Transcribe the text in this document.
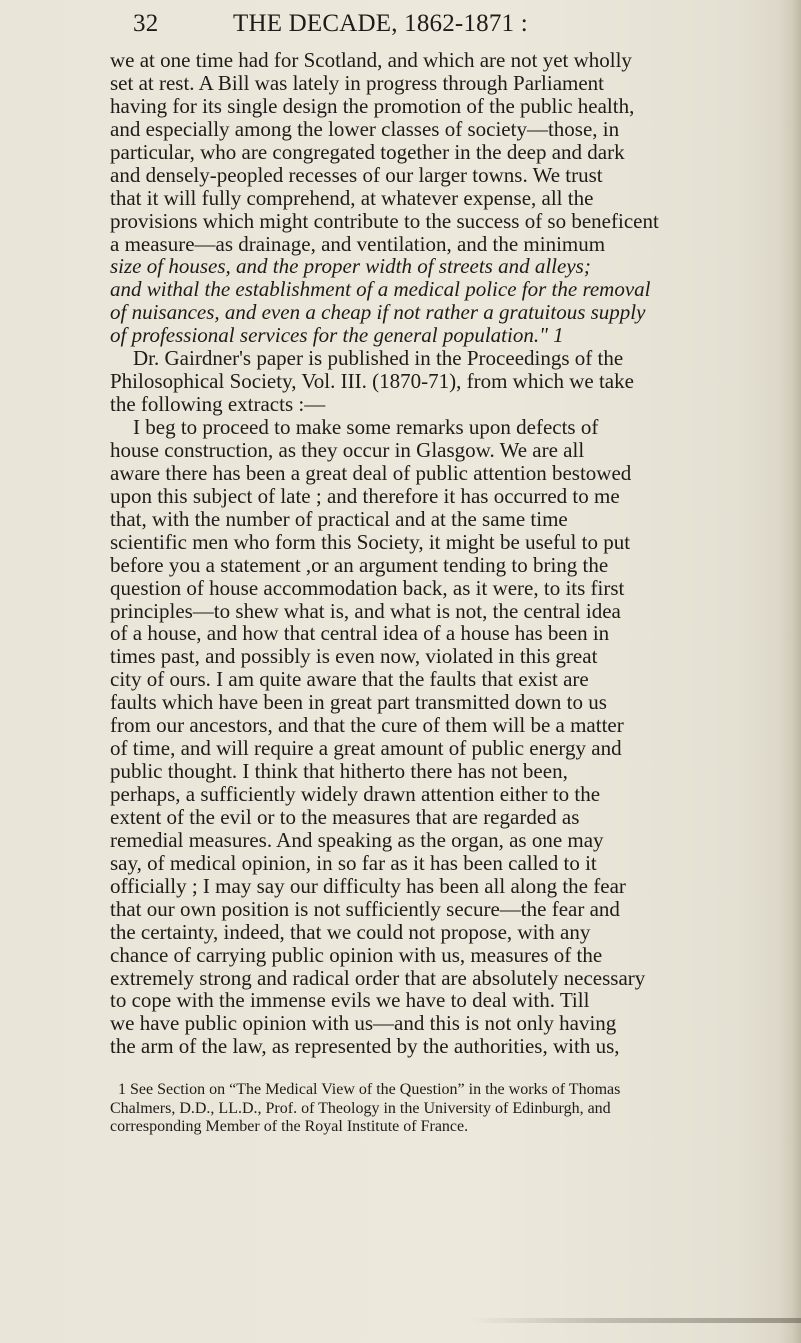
32	THE DECADE, 1862-1871 :
we at one time had for Scotland, and which are not yet wholly
set at rest. A Bill was lately in progress through Parliament
having for its single design the promotion of the public health,
and especially among the lower classes of society—those, in
particular, who are congregated together in the deep and dark
and densely-peopled recesses of our larger towns. We trust
that it will fully comprehend, at whatever expense, all the
provisions which might contribute to the success of so beneficent
a measure—as drainage, and ventilation, and the minimum
size of houses, and the proper width of streets and alleys;
and withal the establishment of a medical police for the removal
of nuisances, and even a cheap if not rather a gratuitous supply
of professional services for the general population." 1
Dr. Gairdner's paper is published in the Proceedings of the
Philosophical Society, Vol. III. (1870-71), from which we take
the following extracts :—
I beg to proceed to make some remarks upon defects of
house construction, as they occur in Glasgow. We are all
aware there has been a great deal of public attention bestowed
upon this subject of late ; and therefore it has occurred to me
that, with the number of practical and at the same time
scientific men who form this Society, it might be useful to put
before you a statement ,or an argument tending to bring the
question of house accommodation back, as it were, to its first
principles—to shew what is, and what is not, the central idea
of a house, and how that central idea of a house has been in
times past, and possibly is even now, violated in this great
city of ours. I am quite aware that the faults that exist are
faults which have been in great part transmitted down to us
from our ancestors, and that the cure of them will be a matter
of time, and will require a great amount of public energy and
public thought. I think that hitherto there has not been,
perhaps, a sufficiently widely drawn attention either to the
extent of the evil or to the measures that are regarded as
remedial measures. And speaking as the organ, as one may
say, of medical opinion, in so far as it has been called to it
officially ; I may say our difficulty has been all along the fear
that our own position is not sufficiently secure—the fear and
the certainty, indeed, that we could not propose, with any
chance of carrying public opinion with us, measures of the
extremely strong and radical order that are absolutely necessary
to cope with the immense evils we have to deal with. Till
we have public opinion with us—and this is not only having
the arm of the law, as represented by the authorities, with us,
1 See Section on “The Medical View of the Question” in the works of Thomas
Chalmers, D.D., LL.D., Prof. of Theology in the University of Edinburgh, and
corresponding Member of the Royal Institute of France.
